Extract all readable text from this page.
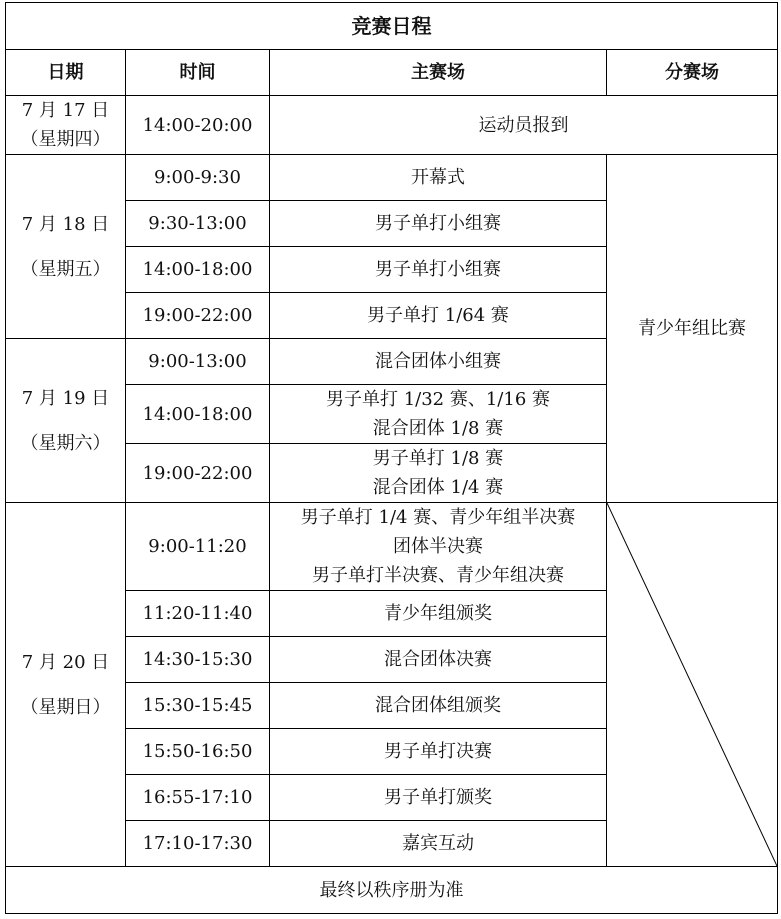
竞赛日程			
日期	时间	主赛场	分赛场

7 月 17 日
（星期四）	14:00-20:00	运动员报到	

7 月 18 日
（星期五）	9:00-9:30	开幕式	青少年组比赛
	9:30-13:00	男子单打小组赛	
	14:00-18:00	男子单打小组赛	
	19:00-22:00	男子单打 1/64 赛	

7 月 19 日
（星期六）	9:00-13:00	混合团体小组赛	
	14:00-18:00	男子单打 1/32 赛、1/16 赛
混合团体 1/8 赛	

	19:00-22:00	男子单打 1/8 赛
混合团体 1/4 赛	

7 月 20 日
（星期日）	9:00-11:20	男子单打 1/4 赛、青少年组半决赛
团体半决赛
男子单打半决赛、青少年组决赛

	11:20-11:40	青少年组颁奖	
	14:30-15:30	混合团体决赛	
	15:30-15:45	混合团体组颁奖	
	15:50-16:50	男子单打决赛	
	16:55-17:10	男子单打颁奖	
	17:10-17:30	嘉宾互动	
最终以秩序册为准			
